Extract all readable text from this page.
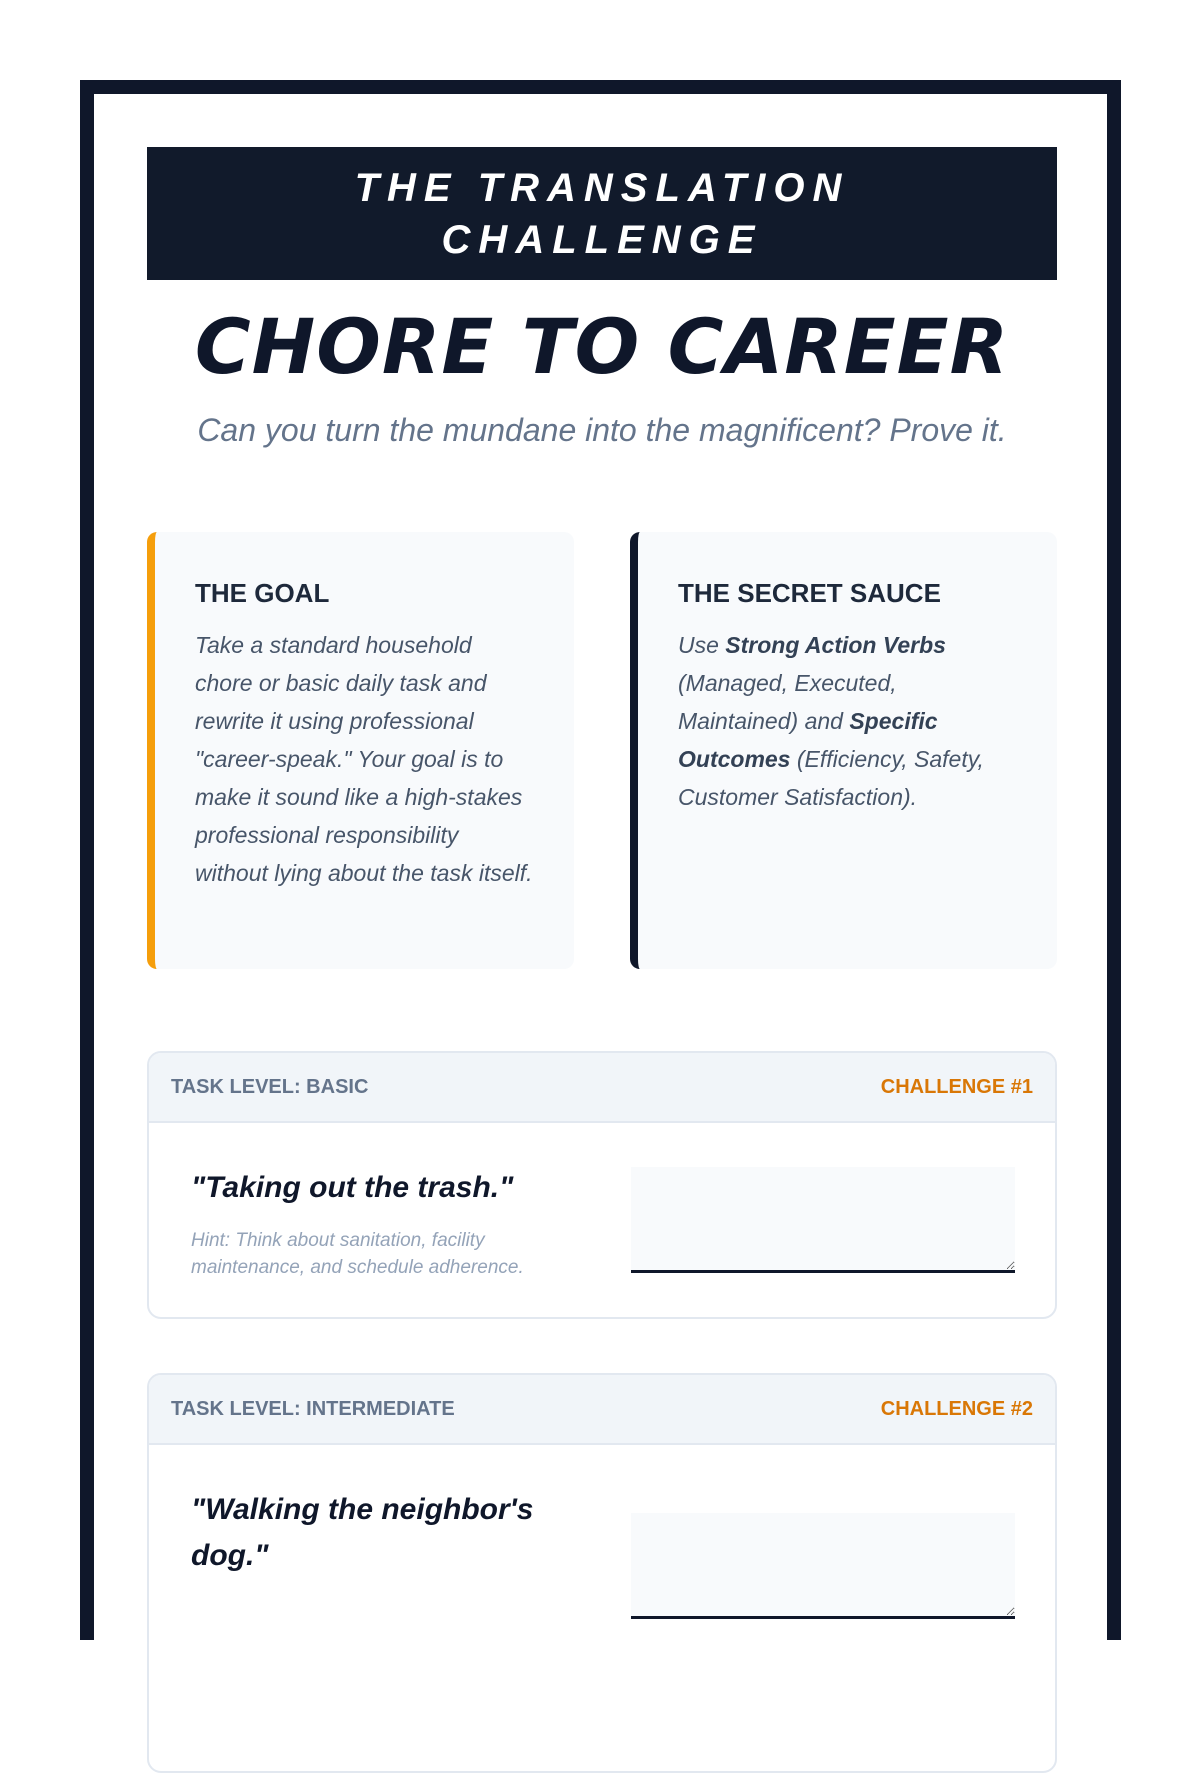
THE TRANSLATION CHALLENGE
CHORE TO CAREER

Can you turn the mundane into the magnificent? Prove it.

THE GOAL

Take a standard household chore or basic daily task and rewrite it using professional "career-speak." Your goal is to make it sound like a high-stakes professional responsibility without lying about the task itself.

THE SECRET SAUCE

Use Strong Action Verbs (Managed, Executed, Maintained) and Specific Outcomes (Efficiency, Safety, Customer Satisfaction).

TASK LEVEL: BASIC	CHALLENGE #1
"Taking out the trash."
Hint: Think about sanitation, facility maintenance, and schedule adherence.
TASK LEVEL: INTERMEDIATE	CHALLENGE #2
"Walking the neighbor's dog."
